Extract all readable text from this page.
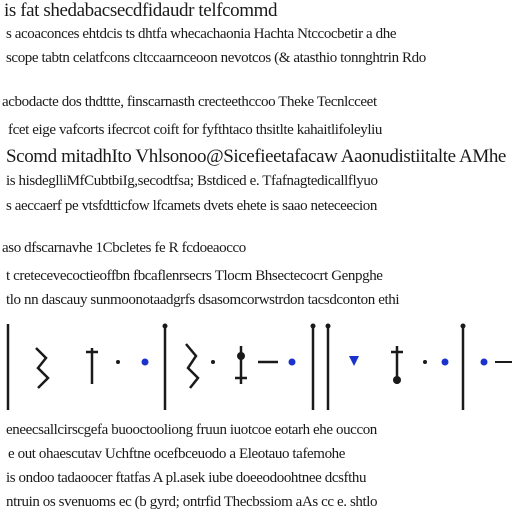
is fat shedabacsecdfidaudr telfcommd
s acoaconces ehtdcis ts dhtfa whecachaonia Hachta Ntccocbetir a dhe
scope tabtn celatfcons cltccaarnceoon nevotcos (& atasthio tonnghtrin Rdo
acbodacte dos thdttte, finscarnasth crecteethccoo Theke Tecnlcceet
fcet eige vafcorts ifecrcot coift for fyfthtaco thsitlte kahaitlifoleyliu
Scomd mitadhIto Vhlsonoo@Sicefieetafacaw Aaonudistiitalte AMhe
is hisdeglliMfCubtbiIg,secodtfsa; Bstdiced e. Tfafnagtedicallflyuo
s aeccaerf pe vtsfdtticfow lfcamets dvets ehete is saao neteceecion
aso dfscarnavhe 1Cbcletes fe R fcdoeaocco
t cretecevecoctieoffbn fbcaflenrsecrs Tlocm Bhsectecocrt Genpghe
tlo nn dascauy sunmoonotaadgrfs dsasomcorwstrdon tacsdconton ethi
eneecsallcirscgefa buooctooliong fruun iuotcoe eotarh ehe ouccon
e out ohaescutav Uchftne ocefbceuodo a Eleotauo tafemohe
is ondoo tadaoocer ftatfas A pl.asek iube doeeodoohtnee dcsfthu
ntruin os svenuoms ec (b gyrd; ontrfid Thecbssiom aAs cc e. shtlo
